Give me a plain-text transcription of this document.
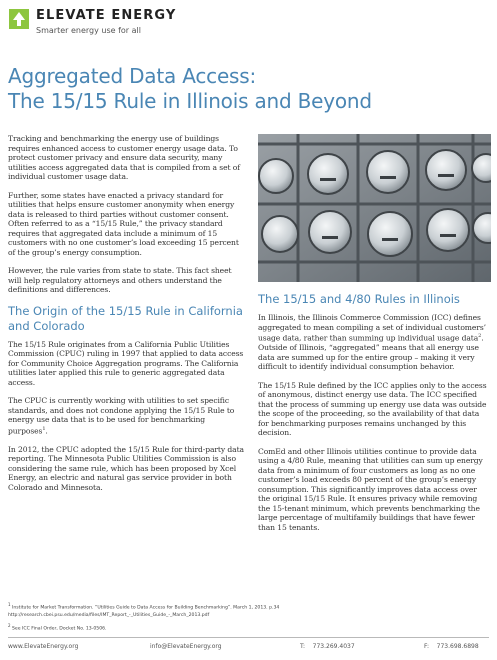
ELEVATE ENERGY
Smarter energy use for all
Aggregated Data Access:
The 15/15 Rule in Illinois and Beyond

Tracking and benchmarking the energy use of buildings requires enhanced access to customer energy usage data. To protect customer privacy and ensure data security, many utilities access aggregated data that is compiled from a set of individual customer usage data.

Further, some states have enacted a privacy standard for utilities that helps ensure customer anonymity when energy data is released to third parties without customer consent. Often referred to as a “15/15 Rule,” the privacy standard requires that aggregated data include a minimum of 15 customers with no one customer’s load exceeding 15 percent of the group’s energy consumption.

However, the rule varies from state to state. This fact sheet will help regulatory attorneys and others understand the definitions and differences.

The Origin of the 15/15 Rule in California and Colorado

The 15/15 Rule originates from a California Public Utilities Commission (CPUC) ruling in 1997 that applied to data access for Community Choice Aggregation programs. The California utilities later applied this rule to generic aggregated data access.

The CPUC is currently working with utilities to set specific standards, and does not condone applying the 15/15 Rule to energy use data that is to be used for benchmarking purposes$^1$.

In 2012, the CPUC adopted the 15/15 Rule for third-party data reporting. The Minnesota Public Utilities Commission is also considering the same rule, which has been proposed by Xcel Energy, an electric and natural gas service provider in both Colorado and Minnesota.

The 15/15 and 4/80 Rules in Illinois

In Illinois, the Illinois Commerce Commission (ICC) defines aggregated to mean compiling a set of individual customers’ usage data, rather than summing up individual usage data$^2$. Outside of Illinois, “aggregated” means that all energy use data are summed up for the entire group – making it very difficult to identify individual consumption behavior.

The 15/15 Rule defined by the ICC applies only to the access of anonymous, distinct energy use data. The ICC specified that the process of summing up energy use data was outside the scope of the proceeding, so the availability of that data for benchmarking purposes remains unchanged by this decision.

ComEd and other Illinois utilities continue to provide data using a 4/80 Rule, meaning that utilities can sum up energy data from a minimum of four customers as long as no one customer’s load exceeds 80 percent of the group’s energy consumption. This significantly improves data access over the original 15/15 Rule. It ensures privacy while removing the 15-tenant minimum, which prevents benchmarking the large percentage of multifamily buildings that have fewer than 15 tenants.

$^1$ Institute for Market Transformation. “Utilities Guide to Data Access for Building Benchmarking”. March 1, 2013. p.34
http://research.cbei.psu.edu/media/files/IMT_Report_-_Utilities_Guide_-_March_2013.pdf
$^2$ See ICC Final Order, Docket No. 13-0506.
www.ElevateEnergy.org	info@ElevateEnergy.org	T: 773.269.4037	F: 773.698.6898
